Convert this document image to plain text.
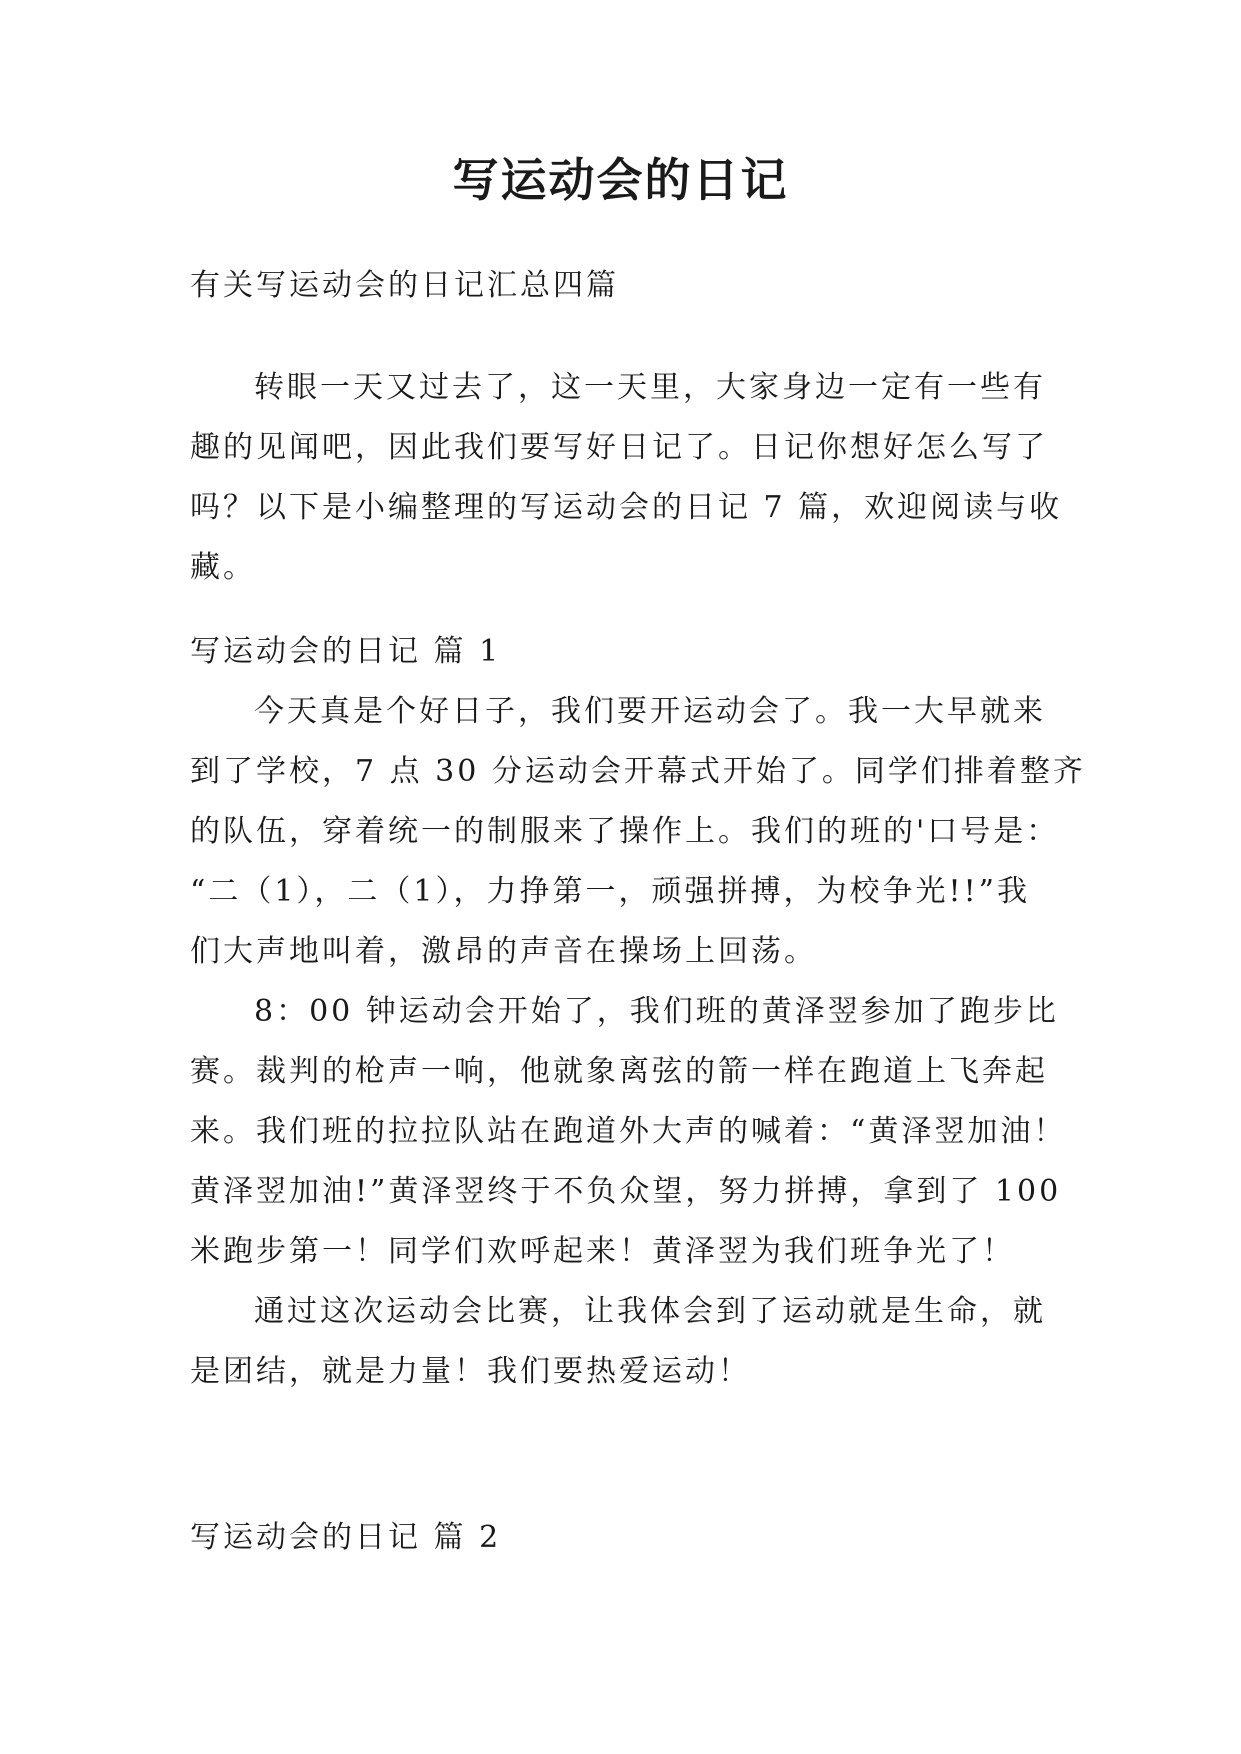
写运动会的日记
有关写运动会的日记汇总四篇
转眼一天又过去了，这一天里，大家身边一定有一些有
趣的见闻吧，因此我们要写好日记了。日记你想好怎么写了
吗？以下是小编整理的写运动会的日记 7 篇，欢迎阅读与收
藏。
写运动会的日记 篇 1
今天真是个好日子，我们要开运动会了。我一大早就来
到了学校，7 点 30 分运动会开幕式开始了。同学们排着整齐
的队伍，穿着统一的制服来了操作上。我们的班的'口号是：
“二（1），二（1），力挣第一，顽强拼搏，为校争光!!”我
们大声地叫着，激昂的声音在操场上回荡。
8：00 钟运动会开始了，我们班的黄泽翌参加了跑步比
赛。裁判的枪声一响，他就象离弦的箭一样在跑道上飞奔起
来。我们班的拉拉队站在跑道外大声的喊着：“黄泽翌加油！
黄泽翌加油!”黄泽翌终于不负众望，努力拼搏，拿到了 100
米跑步第一！同学们欢呼起来！黄泽翌为我们班争光了！
通过这次运动会比赛，让我体会到了运动就是生命，就
是团结，就是力量！我们要热爱运动！
写运动会的日记 篇 2
